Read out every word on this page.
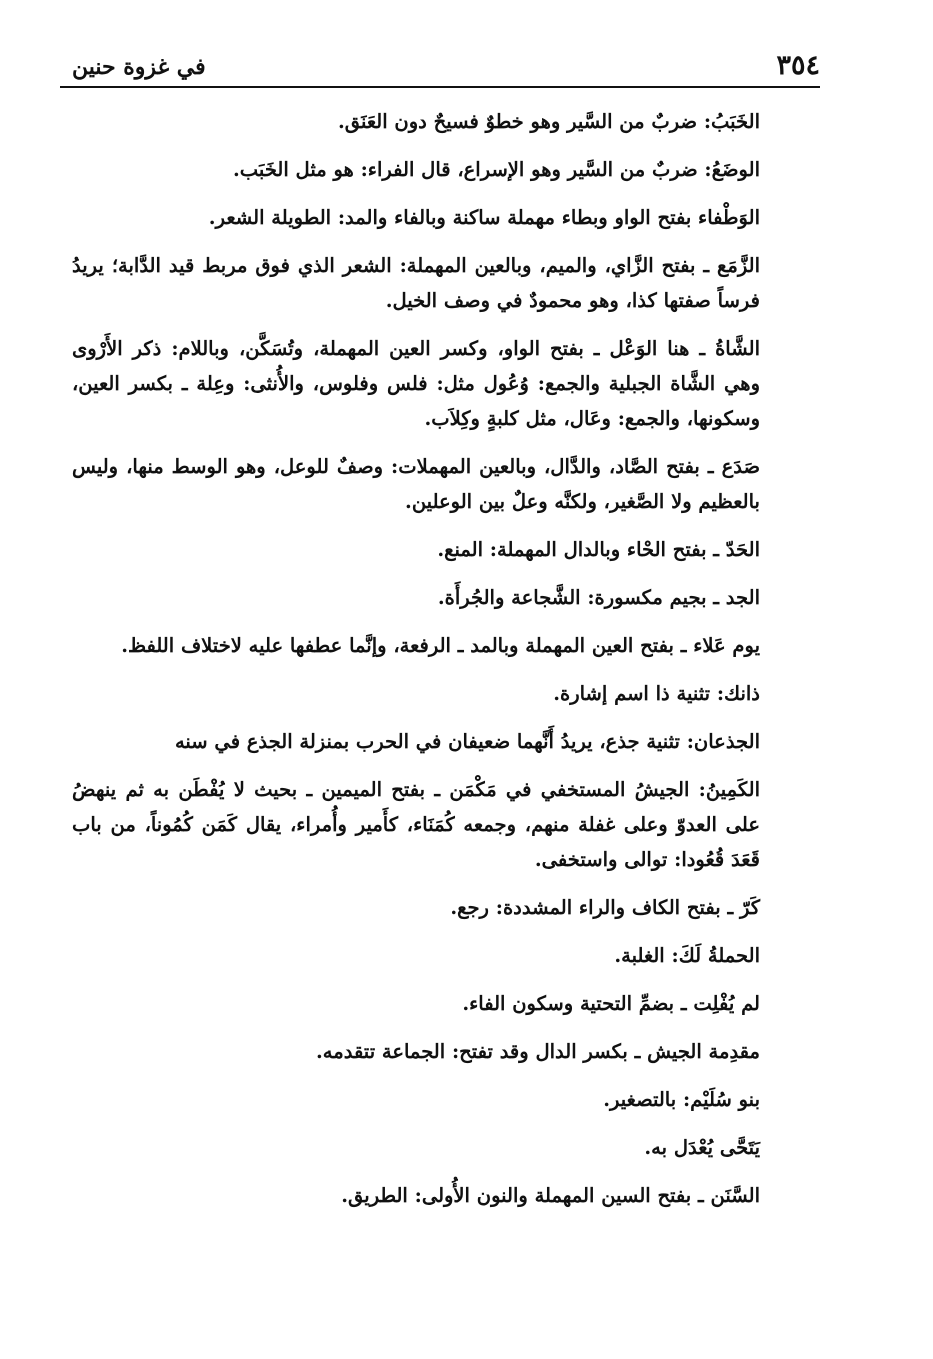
٣٥٤
في غزوة حنين

الخَبَبُ: ضربٌ من السَّير وهو خطوٌ فسيحٌ دون العَنَق.

الوضَعُ: ضربٌ من السَّير وهو الإسراع، قال الفراء: هو مثل الخَبَب.

الوَطْفاء بفتح الواو وبطاء مهملة ساكنة وبالفاء والمد: الطويلة الشعر.

الزَّمَع ـ بفتح الزَّاي، والميم، وبالعين المهملة: الشعر الذي فوق مربط قيد الدَّابة؛ يريدُ فرساً صفتها كذا، وهو محمودٌ في وصف الخيل.

الشَّاةُ ـ هنا الوَعْل ـ بفتح الواو، وكسر العين المهملة، وتُسَكَّن، وباللام: ذكر الأَرْوى وهي الشَّاة الجبلية والجمع: وُعُول مثل: فلس وفلوس، والأُنثى: وعِلة ـ بكسر العين، وسكونها، والجمع: وعَال، مثل كلبةٍ وكِلاَب.

صَدَع ـ بفتح الصَّاد، والدَّال، وبالعين المهملات: وصفٌ للوعل، وهو الوسط منها، وليس بالعظيم ولا الصَّغير، ولكنَّه وعلٌ بين الوعلين.

الحَدّ ـ بفتح الحْاء وبالدال المهملة: المنع.

الجد ـ بجيم مكسورة: الشَّجاعة والجُرأَة.

يوم عَلاء ـ بفتح العين المهملة وبالمد ـ الرفعة، وإنَّما عطفها عليه لاختلاف اللفظ.

ذانك: تثنية ذا اسم إشارة.

الجذعان: تثنية جذع، يريدُ أَنَّهما ضعيفان في الحرب بمنزلة الجذع في سنه

الكَمِينُ: الجيشُ المستخفي في مَكْمَن ـ بفتح الميمين ـ بحيث لا يُفْطَن به ثم ينهضُ على العدوّ وعلى غفلة منهم، وجمعه كُمَنَاء، كأَمير وأُمراء، يقال كَمَن كُمُوناً، من باب قَعَدَ قُعُودا: توالى واستخفى.

كَرّ ـ بفتح الكاف والراء المشددة: رجع.

الحملةُ لَكَ: الغلبة.

لم يُفْلِت ـ بضمِّ التحتية وسكون الفاء.

مقدِمة الجيش ـ بكسر الدال وقد تفتح: الجماعة تتقدمه.

بنو سُلَيْم: بالتصغير.

يَتَحَّى يُعْدَل به.

السَّنَن ـ بفتح السين المهملة والنون الأُولى: الطريق.
